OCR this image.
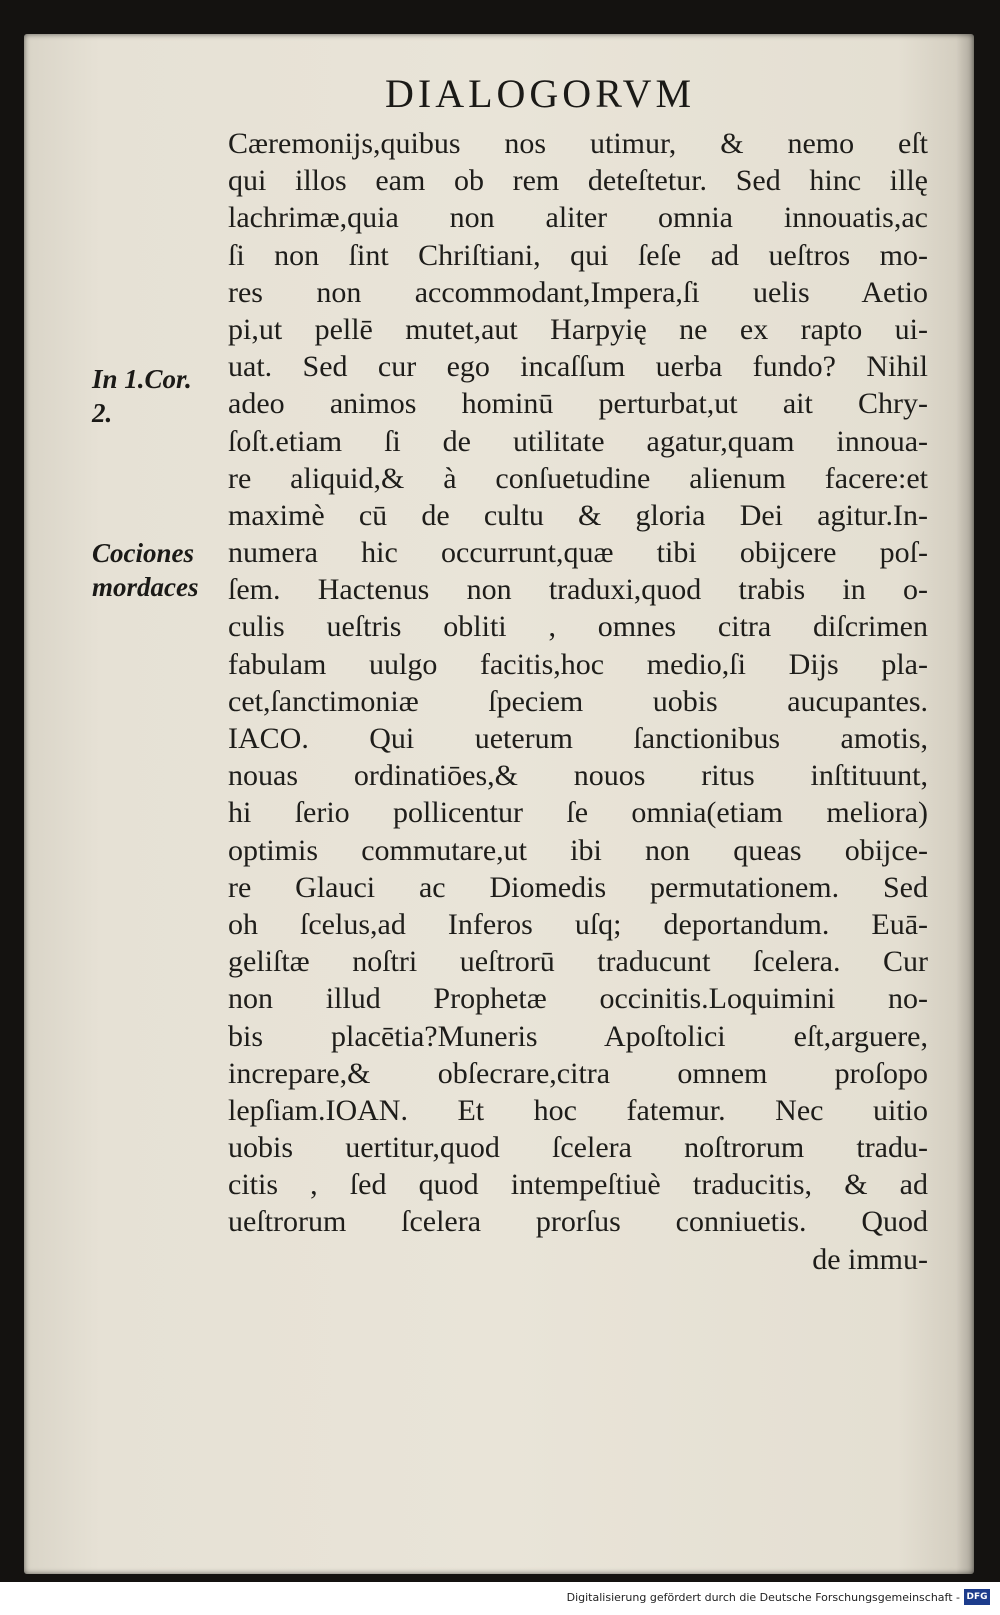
DIALOGORVM
In 1.Cor.
2.
Cociones
mordaces
Cæremonijs,quibus nos utimur, & nemo eſt
qui illos eam ob rem deteſtetur. Sed hinc illę
lachrimæ,quia non aliter omnia innouatis,ac
ſi non ſint Chriſtiani, qui ſeſe ad ueſtros mo-
res non accommodant,Impera,ſi uelis Aetio
pi,ut pellē mutet,aut Harpyię ne ex rapto ui-
uat. Sed cur ego incaſſum uerba fundo? Nihil
adeo animos hominū perturbat,ut ait Chry-
ſoſt.etiam ſi de utilitate agatur,quam innoua-
re aliquid,& à conſuetudine alienum facere:et
maximè cū de cultu & gloria Dei agitur.In-
numera hic occurrunt,quæ tibi obijcere poſ-
ſem. Hactenus non traduxi,quod trabis in o-
culis ueſtris obliti , omnes citra diſcrimen
fabulam uulgo facitis,hoc medio,ſi Dijs pla-
cet,ſanctimoniæ ſpeciem uobis aucupantes.
IACO. Qui ueterum ſanctionibus amotis,
nouas ordinatiōes,& nouos ritus inſtituunt,
hi ſerio pollicentur ſe omnia(etiam meliora)
optimis commutare,ut ibi non queas obijce-
re Glauci ac Diomedis permutationem. Sed
oh ſcelus,ad Inferos uſq; deportandum. Euā-
geliſtæ noſtri ueſtrorū traducunt ſcelera. Cur
non illud Prophetæ occinitis.Loquimini no-
bis placētia?Muneris Apoſtolici eſt,arguere,
increpare,& obſecrare,citra omnem proſopo
lepſiam.IOAN. Et hoc fatemur. Nec uitio
uobis uertitur,quod ſcelera noſtrorum tradu-
citis , ſed quod intempeſtiuè traducitis, & ad
ueſtrorum ſcelera prorſus conniuetis. Quod
de immu-
Digitalisierung gefördert durch die Deutsche Forschungsgemeinschaft - DFG
